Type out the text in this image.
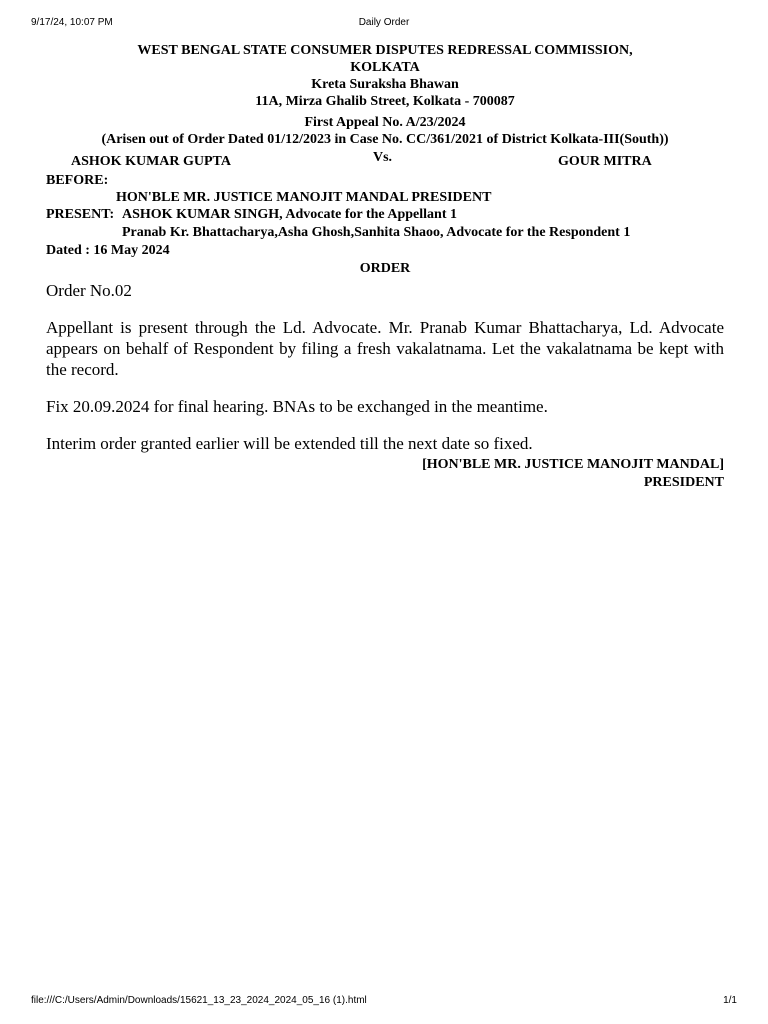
9/17/24, 10:07 PM	Daily Order
WEST BENGAL STATE CONSUMER DISPUTES REDRESSAL COMMISSION,
KOLKATA
Kreta Suraksha Bhawan
11A, Mirza Ghalib Street, Kolkata - 700087
First Appeal No. A/23/2024
(Arisen out of Order Dated 01/12/2023 in Case No. CC/361/2021 of District Kolkata-III(South))
ASHOK KUMAR GUPTA	Vs.	GOUR MITRA
BEFORE:
HON'BLE MR. JUSTICE MANOJIT MANDAL PRESIDENT
PRESENT: ASHOK KUMAR SINGH, Advocate for the Appellant 1
Pranab Kr. Bhattacharya,Asha Ghosh,Sanhita Shaoo, Advocate for the Respondent 1
Dated : 16 May 2024
ORDER
Order No.02
Appellant is present through the Ld. Advocate. Mr. Pranab Kumar Bhattacharya, Ld. Advocate appears on behalf of Respondent by filing a fresh vakalatnama. Let the vakalatnama be kept with the record.
Fix 20.09.2024 for final hearing. BNAs to be exchanged in the meantime.
Interim order granted earlier will be extended till the next date so fixed.
[HON'BLE MR. JUSTICE MANOJIT MANDAL]
PRESIDENT
file:///C:/Users/Admin/Downloads/15621_13_23_2024_2024_05_16 (1).html	1/1
